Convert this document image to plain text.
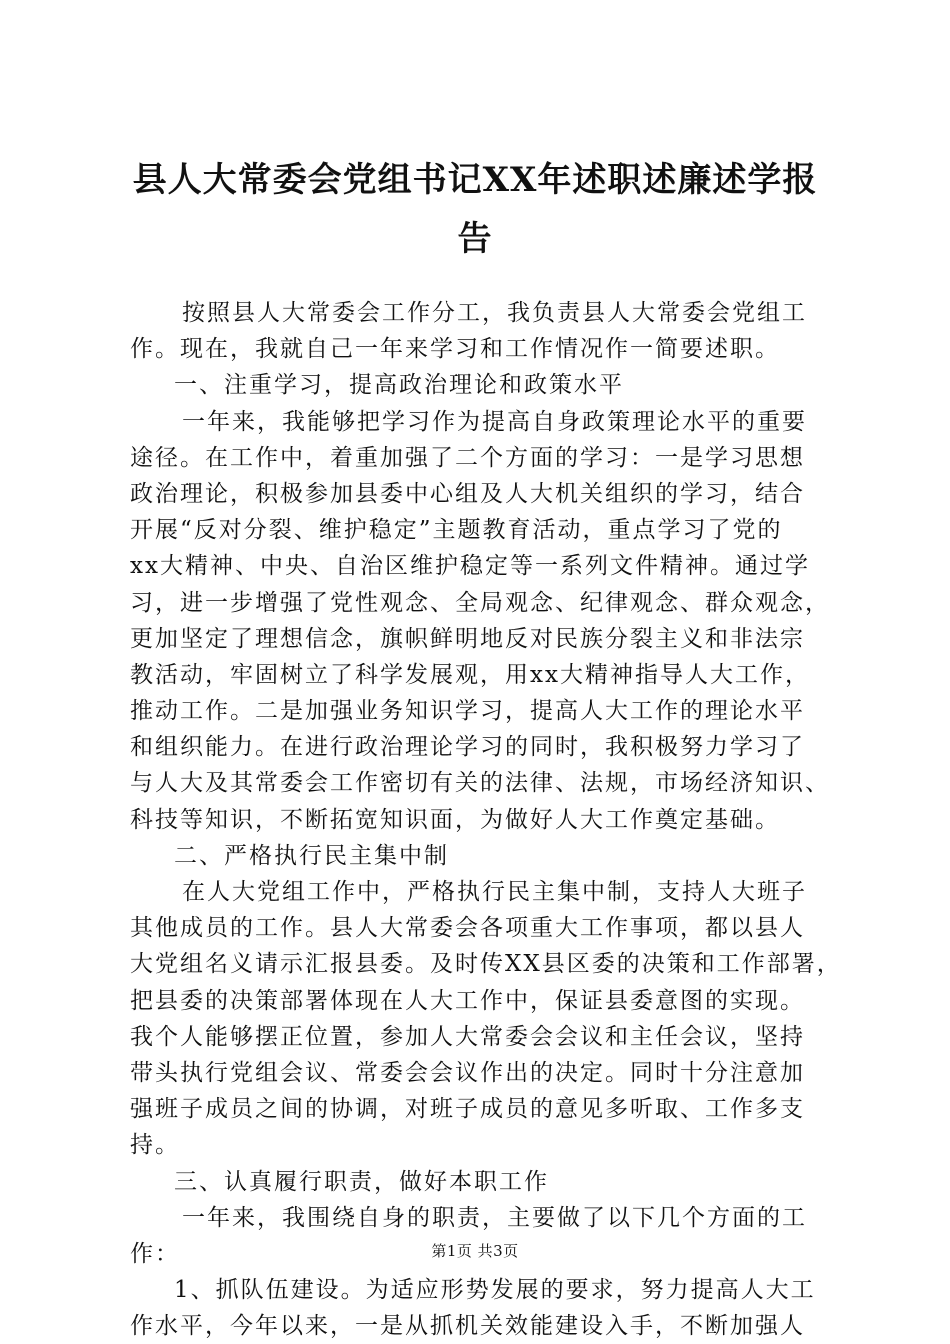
县人大常委会党组书记XX年述职述廉述学报
告
按照县人大常委会工作分工，我负责县人大常委会党组工
作。现在，我就自己一年来学习和工作情况作一简要述职。
一、注重学习，提高政治理论和政策水平
一年来，我能够把学习作为提高自身政策理论水平的重要
途径。在工作中，着重加强了二个方面的学习：一是学习思想
政治理论，积极参加县委中心组及人大机关组织的学习，结合
开展“反对分裂、维护稳定”主题教育活动，重点学习了党的
xx大精神、中央、自治区维护稳定等一系列文件精神。通过学
习，进一步增强了党性观念、全局观念、纪律观念、群众观念，
更加坚定了理想信念，旗帜鲜明地反对民族分裂主义和非法宗
教活动，牢固树立了科学发展观，用xx大精神指导人大工作，
推动工作。二是加强业务知识学习，提高人大工作的理论水平
和组织能力。在进行政治理论学习的同时，我积极努力学习了
与人大及其常委会工作密切有关的法律、法规，市场经济知识、
科技等知识，不断拓宽知识面，为做好人大工作奠定基础。
二、严格执行民主集中制
在人大党组工作中，严格执行民主集中制，支持人大班子
其他成员的工作。县人大常委会各项重大工作事项，都以县人
大党组名义请示汇报县委。及时传XX县区委的决策和工作部署，
把县委的决策部署体现在人大工作中，保证县委意图的实现。
我个人能够摆正位置，参加人大常委会会议和主任会议，坚持
带头执行党组会议、常委会会议作出的决定。同时十分注意加
强班子成员之间的协调，对班子成员的意见多听取、工作多支
持。
三、认真履行职责，做好本职工作
一年来，我围绕自身的职责，主要做了以下几个方面的工
作：
1、抓队伍建设。为适应形势发展的要求，努力提高人大工
作水平，今年以来，一是从抓机关效能建设入手，不断加强人
第1页 共3页
